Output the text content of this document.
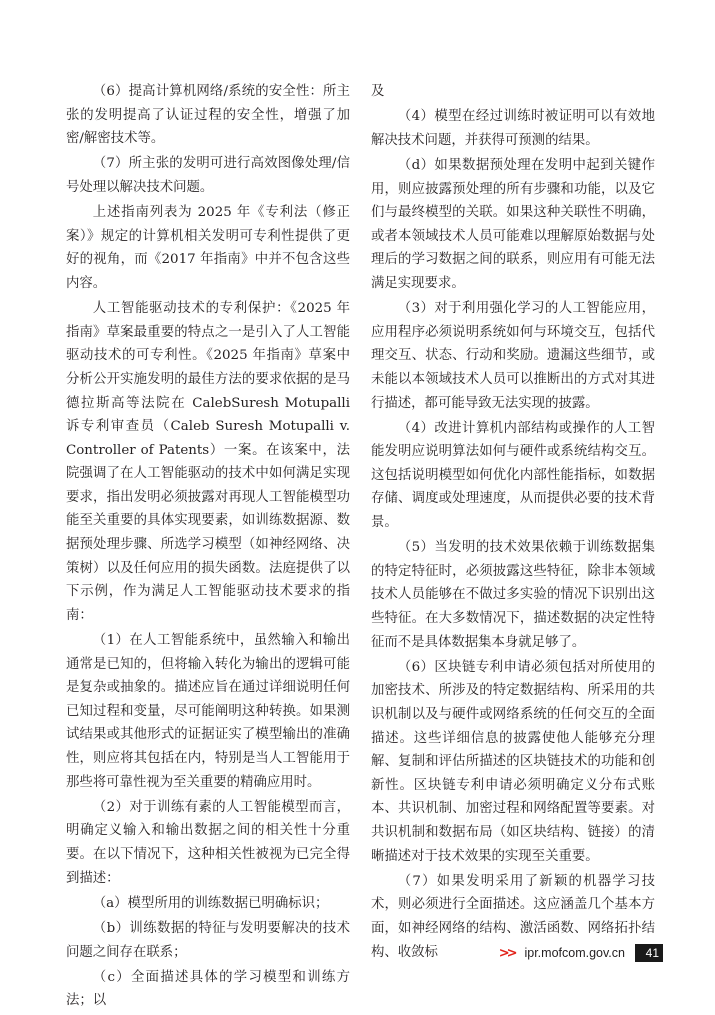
（6）提高计算机网络/系统的安全性：所主张的发明提高了认证过程的安全性，增强了加密/解密技术等。

（7）所主张的发明可进行高效图像处理/信号处理以解决技术问题。

上述指南列表为 2025 年《专利法（修正案）》规定的计算机相关发明可专利性提供了更好的视角，而《2017 年指南》中并不包含这些内容。

人工智能驱动技术的专利保护：《2025 年指南》草案最重要的特点之一是引入了人工智能驱动技术的可专利性。《2025 年指南》草案中分析公开实施发明的最佳方法的要求依据的是马德拉斯高等法院在 CalebSuresh Motupalli 诉专利审查员（Caleb Suresh Motupalli v. Controller of Patents）一案。在该案中，法院强调了在人工智能驱动的技术中如何满足实现要求，指出发明必须披露对再现人工智能模型功能至关重要的具体实现要素，如训练数据源、数据预处理步骤、所选学习模型（如神经网络、决策树）以及任何应用的损失函数。法庭提供了以下示例，作为满足人工智能驱动技术要求的指南：

（1）在人工智能系统中，虽然输入和输出通常是已知的，但将输入转化为输出的逻辑可能是复杂或抽象的。描述应旨在通过详细说明任何已知过程和变量，尽可能阐明这种转换。如果测试结果或其他形式的证据证实了模型输出的准确性，则应将其包括在内，特别是当人工智能用于那些将可靠性视为至关重要的精确应用时。

（2）对于训练有素的人工智能模型而言，明确定义输入和输出数据之间的相关性十分重要。在以下情况下，这种相关性被视为已完全得到描述：

（a）模型所用的训练数据已明确标识；

（b）训练数据的特征与发明要解决的技术问题之间存在联系；

（c）全面描述具体的学习模型和训练方法；以

及

（4）模型在经过训练时被证明可以有效地解决技术问题，并获得可预测的结果。

（d）如果数据预处理在发明中起到关键作用，则应披露预处理的所有步骤和功能，以及它们与最终模型的关联。如果这种关联性不明确，或者本领域技术人员可能难以理解原始数据与处理后的学习数据之间的联系，则应用有可能无法满足实现要求。

（3）对于利用强化学习的人工智能应用，应用程序必须说明系统如何与环境交互，包括代理交互、状态、行动和奖励。遗漏这些细节，或未能以本领域技术人员可以推断出的方式对其进行描述，都可能导致无法实现的披露。

（4）改进计算机内部结构或操作的人工智能发明应说明算法如何与硬件或系统结构交互。这包括说明模型如何优化内部性能指标，如数据存储、调度或处理速度，从而提供必要的技术背景。

（5）当发明的技术效果依赖于训练数据集的特定特征时，必须披露这些特征，除非本领域技术人员能够在不做过多实验的情况下识别出这些特征。在大多数情况下，描述数据的决定性特征而不是具体数据集本身就足够了。

（6）区块链专利申请必须包括对所使用的加密技术、所涉及的特定数据结构、所采用的共识机制以及与硬件或网络系统的任何交互的全面描述。这些详细信息的披露使他人能够充分理解、复制和评估所描述的区块链技术的功能和创新性。区块链专利申请必须明确定义分布式账本、共识机制、加密过程和网络配置等要素。对共识机制和数据布局（如区块结构、链接）的清晰描述对于技术效果的实现至关重要。

（7）如果发明采用了新颖的机器学习技术，则必须进行全面描述。这应涵盖几个基本方面，如神经网络的结构、激活函数、网络拓扑结构、收敛标	>> ipr.mofcom.gov.cn	41
